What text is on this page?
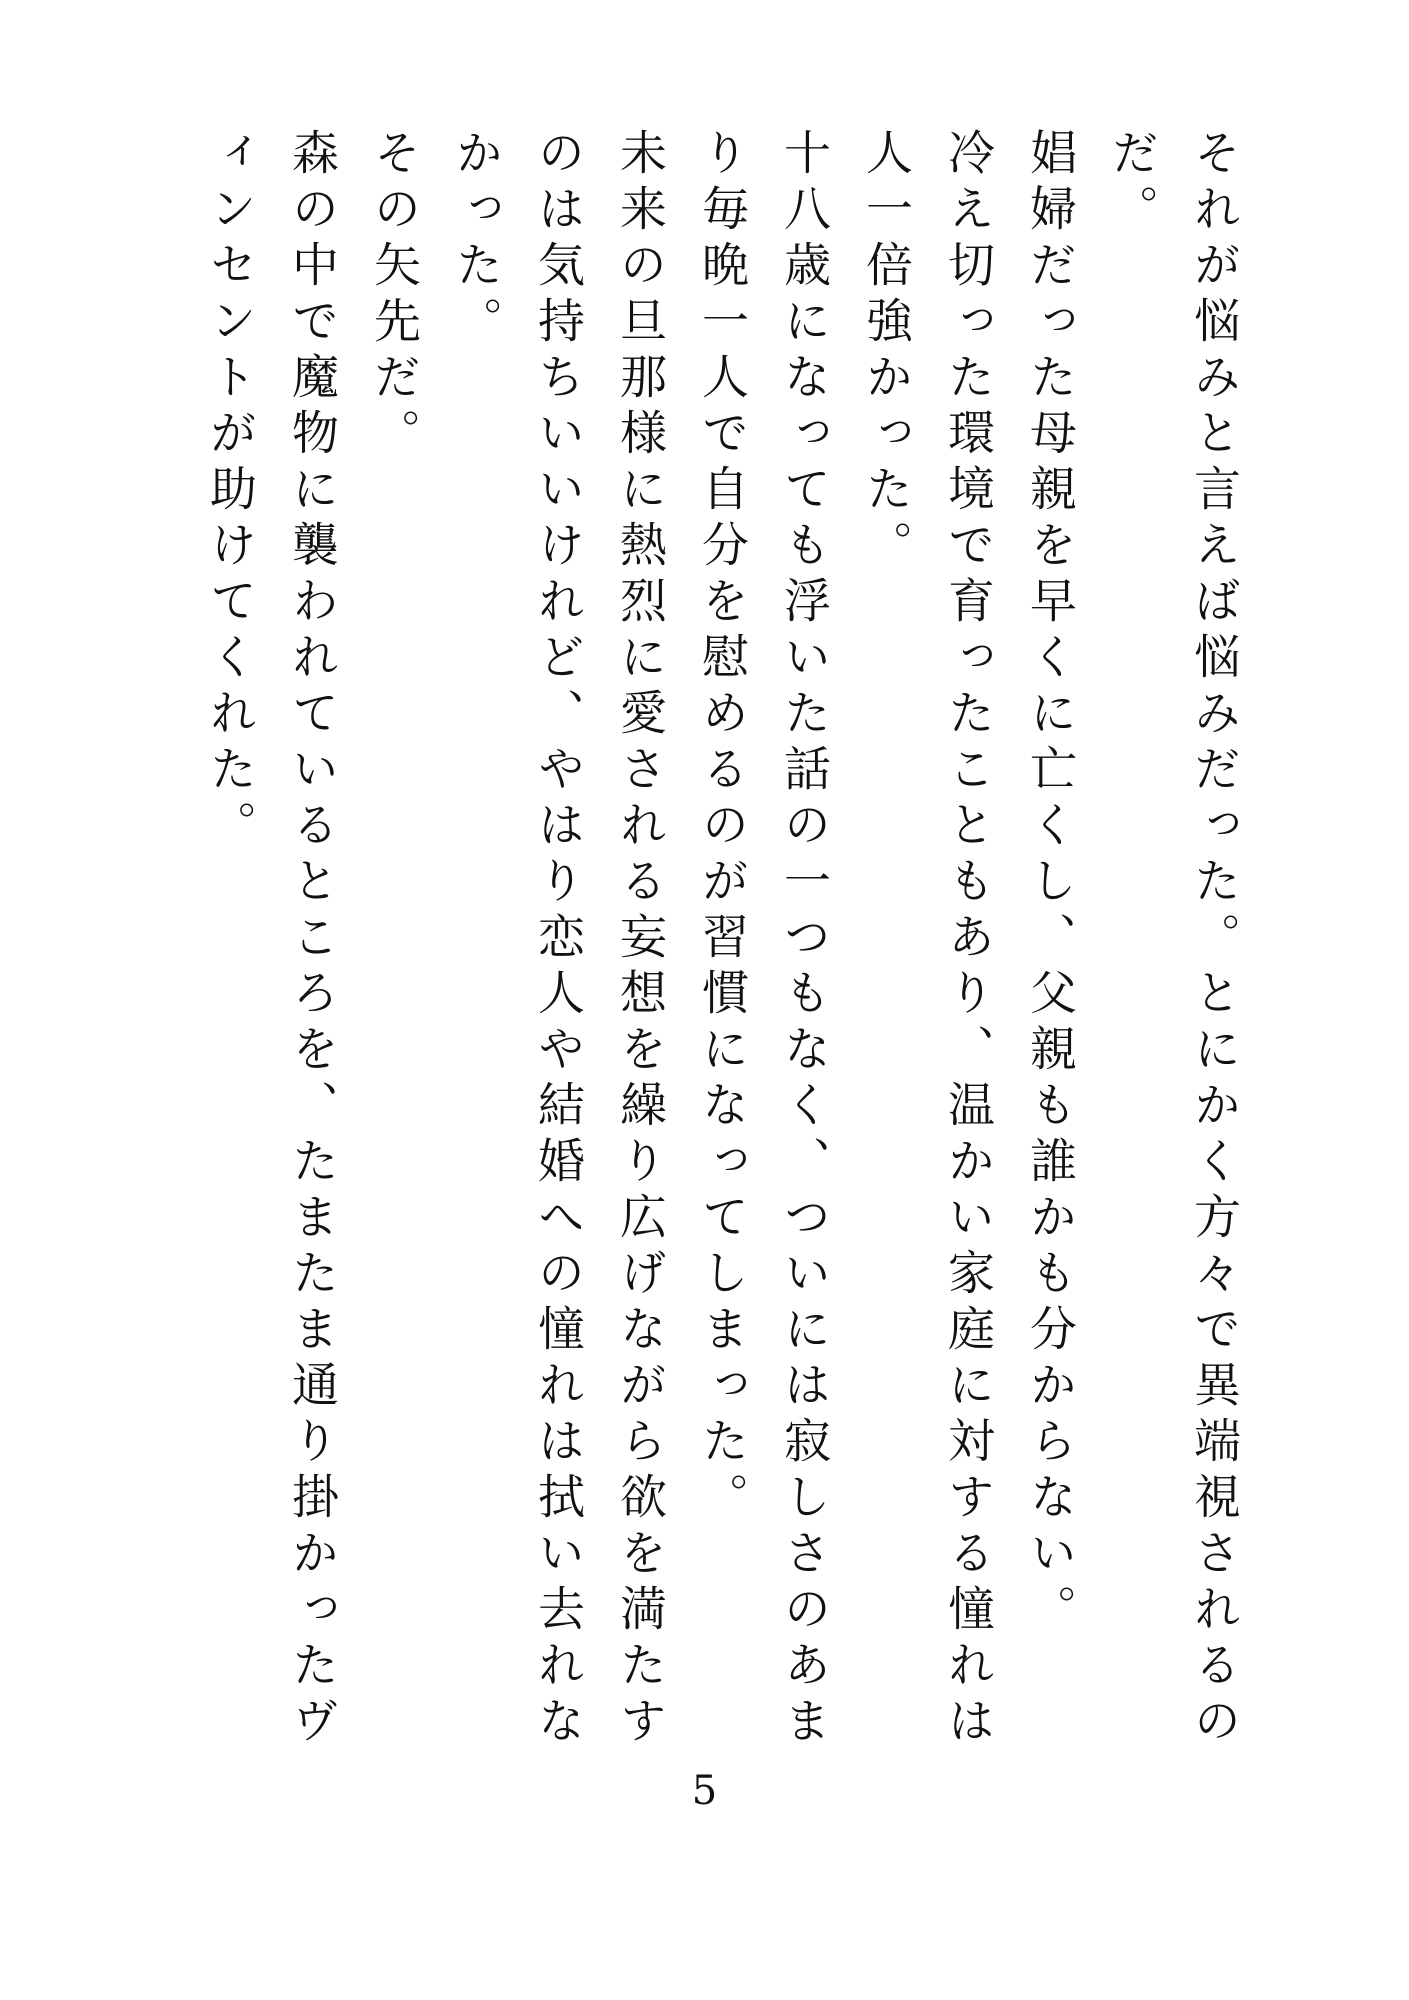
それが悩みと言えば悩みだった。とにかく方々で異端視されるのだ。

娼婦だった母親を早くに亡くし、父親も誰かも分からない。

冷え切った環境で育ったこともあり、温かい家庭に対する憧れは人一倍強かった。

十八歳になっても浮いた話の一つもなく、ついには寂しさのあまり毎晩一人で自分を慰めるのが習慣になってしまった。

未来の旦那様に熱烈に愛される妄想を繰り広げながら欲を満たすのは気持ちいいけれど、やはり恋人や結婚への憧れは拭い去れなかった。

その矢先だ。

森の中で魔物に襲われているところを、たまたま通り掛かったヴィンセントが助けてくれた。

5
